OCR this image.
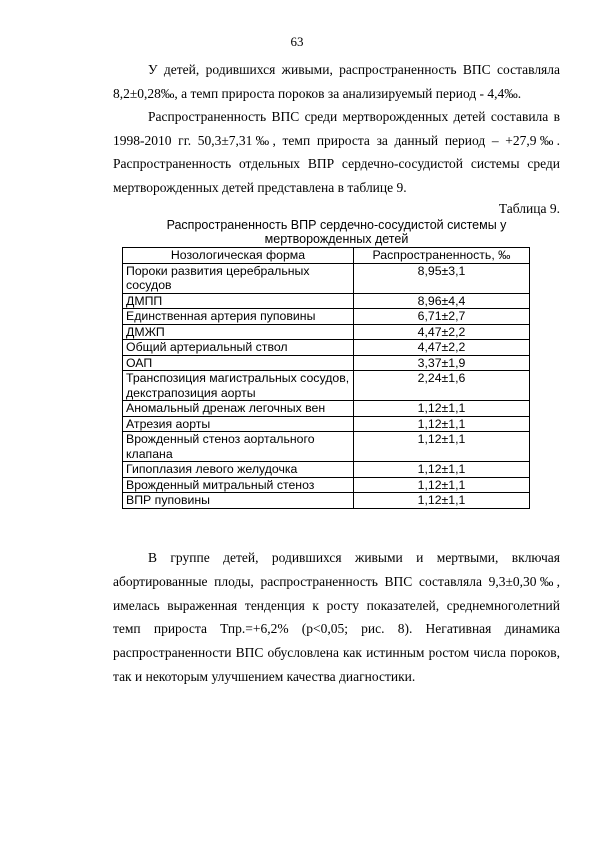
63

У детей, родившихся живыми, распространенность ВПС составляла 8,2±0,28‰, а темп прироста пороков за анализируемый период - 4,4‰.

Распространенность ВПС среди мертворожденных детей составила в 1998-2010 гг. 50,3±7,31‰, темп прироста за данный период – +27,9‰. Распространенность отдельных ВПР сердечно-сосудистой системы среди мертворожденных детей представлена в таблице 9.

Таблица 9.

Распространенность ВПР сердечно-сосудистой системы у мертворожденных детей

Нозологическая форма	Распространенность, ‰
Пороки развития церебральных сосудов	8,95±3,1
ДМПП	8,96±4,4
Единственная артерия пуповины	6,71±2,7
ДМЖП	4,47±2,2
Общий артериальный ствол	4,47±2,2
ОАП	3,37±1,9
Транспозиция магистральных сосудов, декстрапозиция аорты	2,24±1,6
Аномальный дренаж легочных вен	1,12±1,1
Атрезия аорты	1,12±1,1
Врожденный стеноз аортального клапана	1,12±1,1
Гипоплазия левого желудочка	1,12±1,1
Врожденный митральный стеноз	1,12±1,1
ВПР пуповины	1,12±1,1

В группе детей, родившихся живыми и мертвыми, включая абортированные плоды, распространенность ВПС составляла 9,3±0,30‰, имелась выраженная тенденция к росту показателей, среднемноголетний темп прироста Тпр.=+6,2% (р<0,05; рис. 8). Негативная динамика распространенности ВПС обусловлена как истинным ростом числа пороков, так и некоторым улучшением качества диагностики.
